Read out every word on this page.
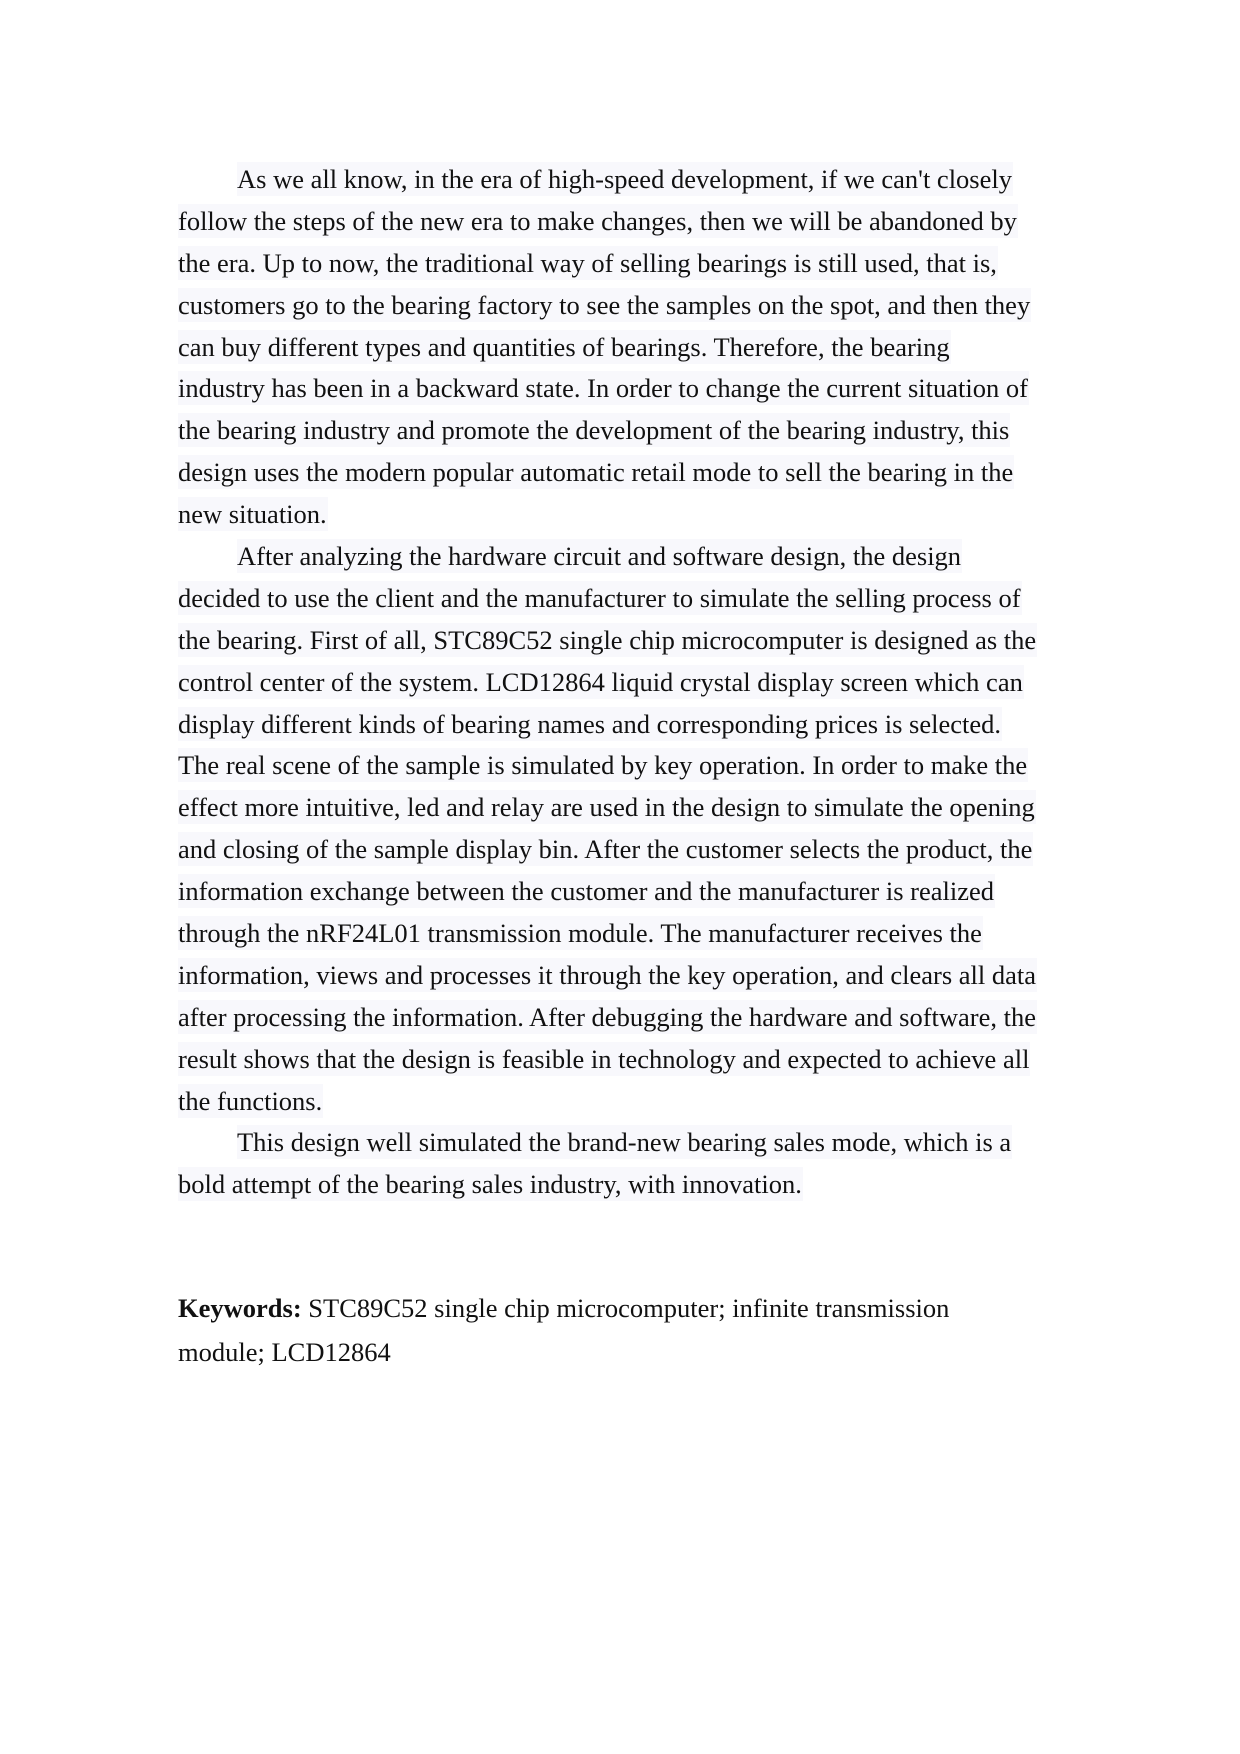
As we all know, in the era of high-speed development, if we can't closely
follow the steps of the new era to make changes, then we will be abandoned by
the era. Up to now, the traditional way of selling bearings is still used, that is,
customers go to the bearing factory to see the samples on the spot, and then they
can buy different types and quantities of bearings. Therefore, the bearing
industry has been in a backward state. In order to change the current situation of
the bearing industry and promote the development of the bearing industry, this
design uses the modern popular automatic retail mode to sell the bearing in the
new situation.
After analyzing the hardware circuit and software design, the design
decided to use the client and the manufacturer to simulate the selling process of
the bearing. First of all, STC89C52 single chip microcomputer is designed as the
control center of the system. LCD12864 liquid crystal display screen which can
display different kinds of bearing names and corresponding prices is selected.
The real scene of the sample is simulated by key operation. In order to make the
effect more intuitive, led and relay are used in the design to simulate the opening
and closing of the sample display bin. After the customer selects the product, the
information exchange between the customer and the manufacturer is realized
through the nRF24L01 transmission module. The manufacturer receives the
information, views and processes it through the key operation, and clears all data
after processing the information. After debugging the hardware and software, the
result shows that the design is feasible in technology and expected to achieve all
the functions.
This design well simulated the brand-new bearing sales mode, which is a
bold attempt of the bearing sales industry, with innovation.
Keywords: STC89C52 single chip microcomputer; infinite transmission
module; LCD12864
